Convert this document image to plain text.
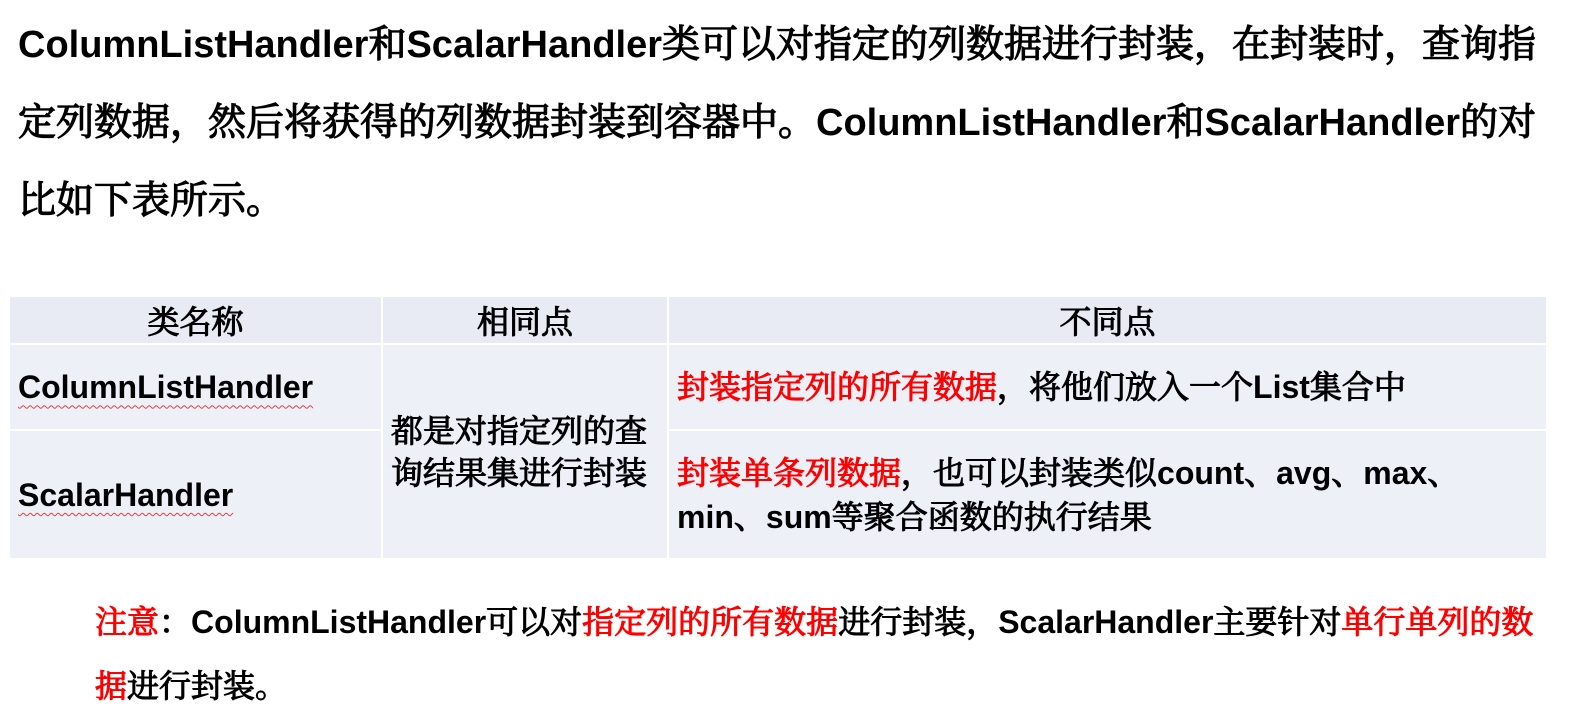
ColumnListHandler和ScalarHandler类可以对指定的列数据进行封装，在封装时，查询指定列数据，然后将获得的列数据封装到容器中。ColumnListHandler和ScalarHandler的对比如下表所示。
类名称	相同点	不同点
ColumnListHandler	都是对指定列的查询结果集进行封装	封装指定列的所有数据，将他们放入一个List集合中
ScalarHandler		封装单条列数据，也可以封装类似count、avg、max、min、sum等聚合函数的执行结果
注意：ColumnListHandler可以对指定列的所有数据进行封装，ScalarHandler主要针对单行单列的数据进行封装。
